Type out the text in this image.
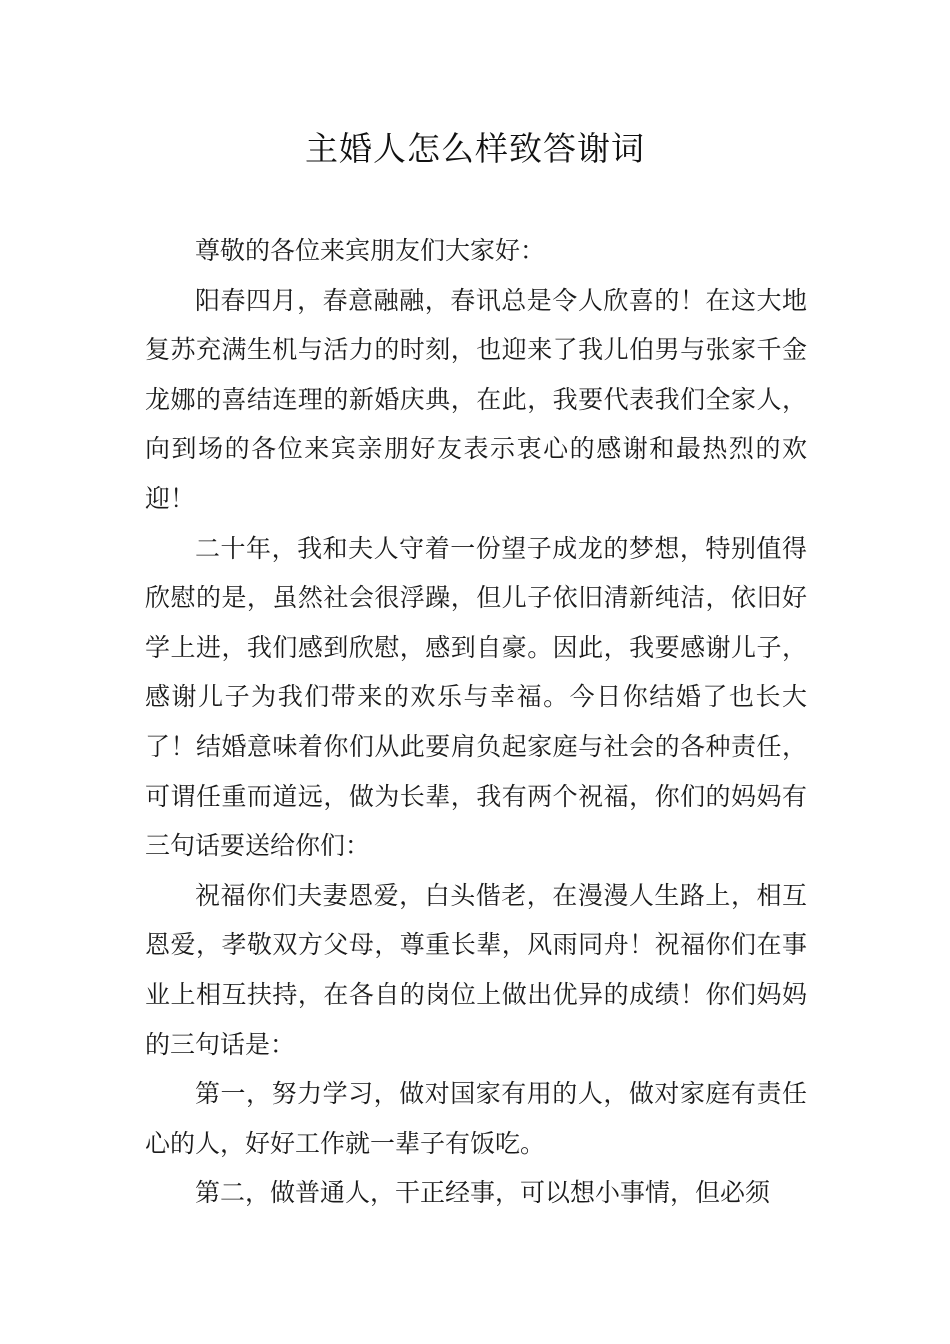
主婚人怎么样致答谢词

尊敬的各位来宾朋友们大家好：

阳春四月，春意融融，春讯总是令人欣喜的！在这大地复苏充满生机与活力的时刻，也迎来了我儿伯男与张家千金龙娜的喜结连理的新婚庆典，在此，我要代表我们全家人，向到场的各位来宾亲朋好友表示衷心的感谢和最热烈的欢迎！

二十年，我和夫人守着一份望子成龙的梦想，特别值得欣慰的是，虽然社会很浮躁，但儿子依旧清新纯洁，依旧好学上进，我们感到欣慰，感到自豪。因此，我要感谢儿子，感谢儿子为我们带来的欢乐与幸福。今日你结婚了也长大了！结婚意味着你们从此要肩负起家庭与社会的各种责任，可谓任重而道远，做为长辈，我有两个祝福，你们的妈妈有三句话要送给你们：

祝福你们夫妻恩爱，白头偕老，在漫漫人生路上，相互恩爱，孝敬双方父母，尊重长辈，风雨同舟！祝福你们在事业上相互扶持，在各自的岗位上做出优异的成绩！你们妈妈的三句话是：

第一，努力学习，做对国家有用的人，做对家庭有责任心的人，好好工作就一辈子有饭吃。

第二，做普通人，干正经事，可以想小事情，但必须
